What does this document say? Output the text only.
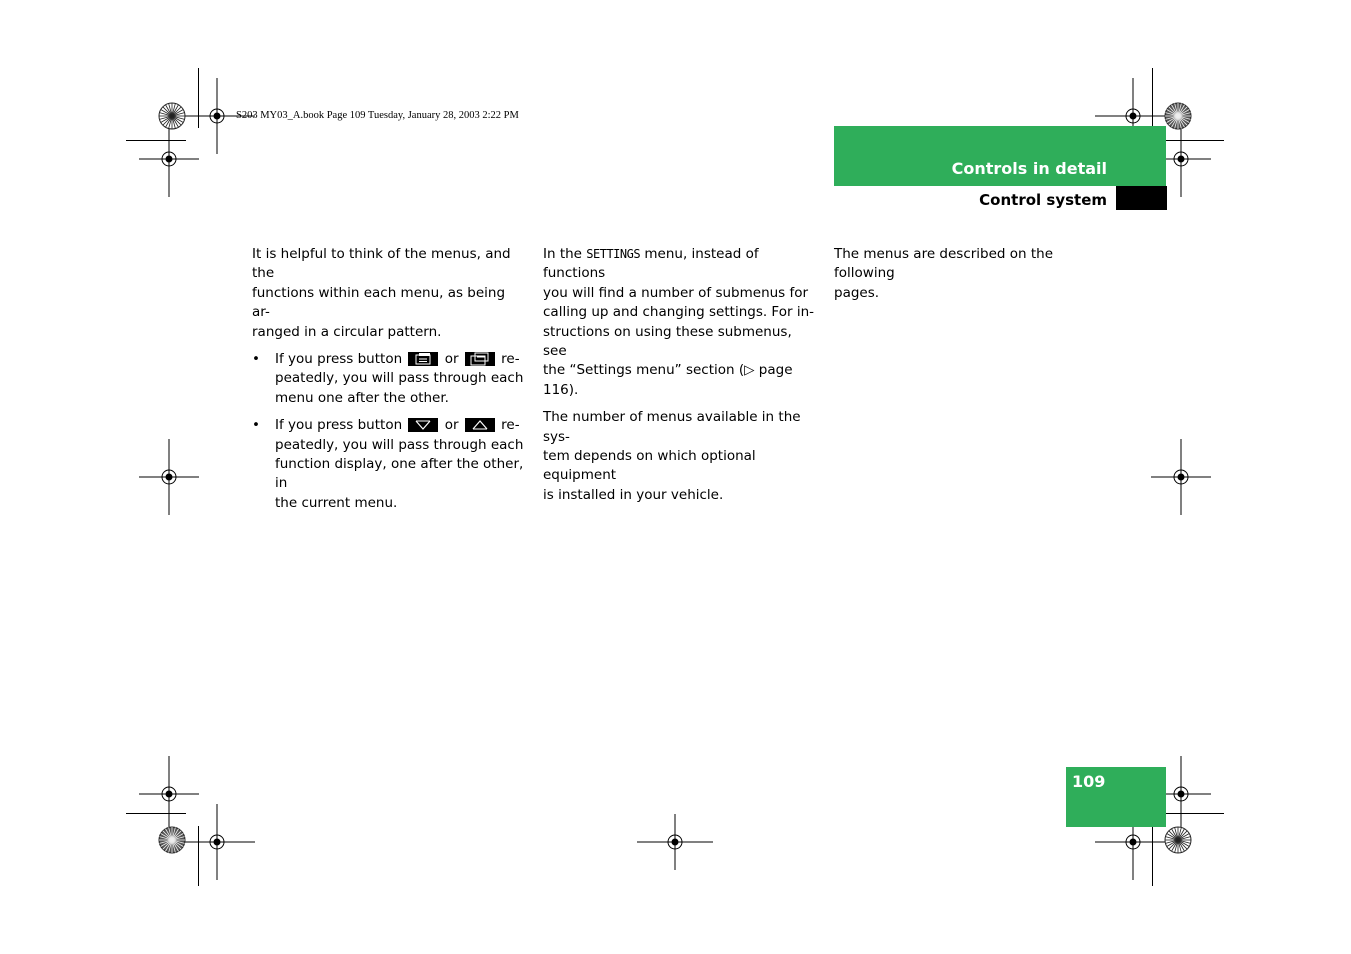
S203 MY03_A.book Page 109 Tuesday, January 28, 2003 2:22 PM
Controls in detail
Control system

It is helpful to think of the menus, and the
functions within each menu, as being ar-
ranged in a circular pattern.

• If you press button	or	re-
peatedly, you will pass through each
menu one after the other.
• If you press button	or	re-
peatedly, you will pass through each
function display, one after the other, in
the current menu.

In the SETTINGS menu, instead of functions
you will find a number of submenus for
calling up and changing settings. For in-
structions on using these submenus, see
the “Settings menu” section (▷ page 116).

The number of menus available in the sys-
tem depends on which optional equipment
is installed in your vehicle.

The menus are described on the following
pages.

109
